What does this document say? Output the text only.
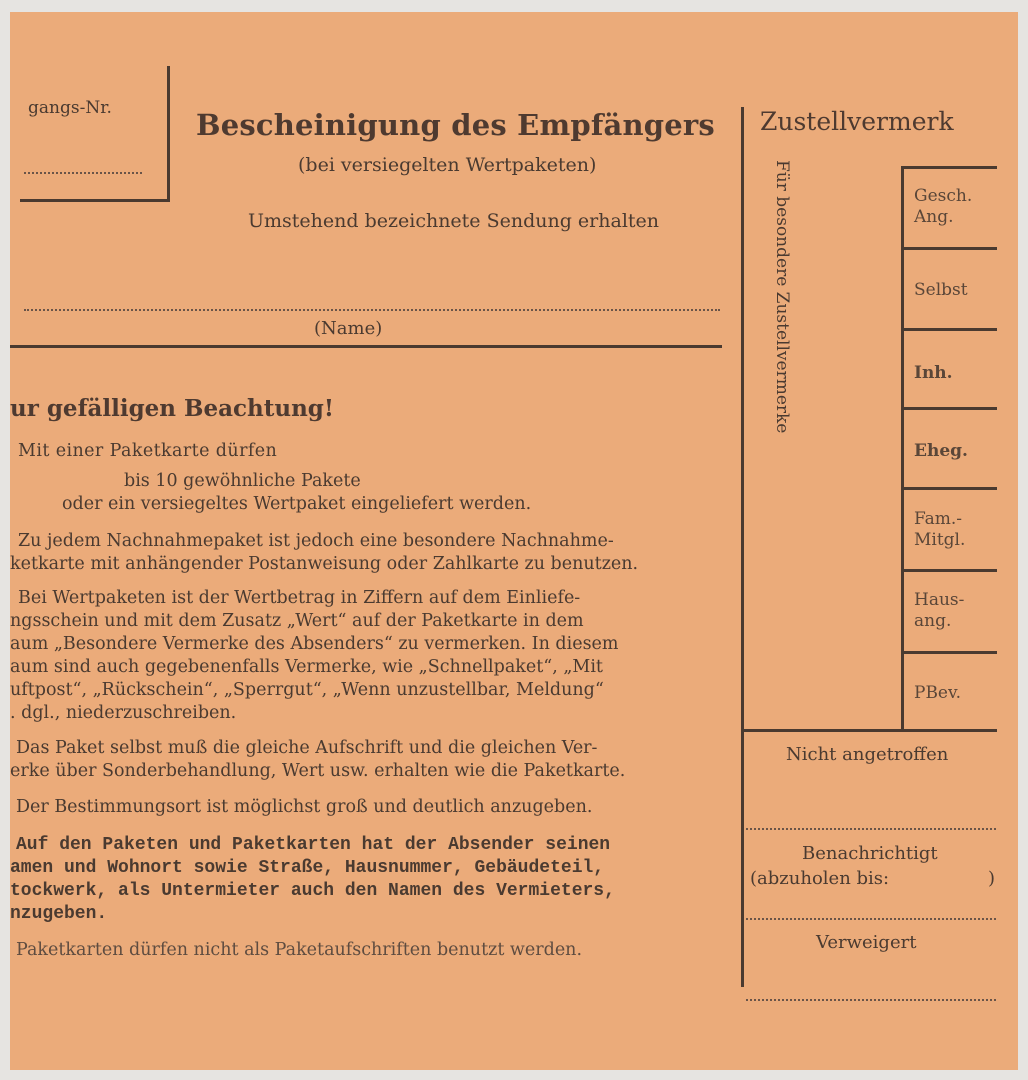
gangs-Nr.	Bescheinigung des Empfängers
(bei versiegelten Wertpaketen)
Umstehend bezeichnete Sendung erhalten
(Name)
ur gefälligen Beachtung!
Mit einer Paketkarte dürfen
bis 10 gewöhnliche Pakete
oder ein versiegeltes Wertpaket eingeliefert werden.
Zu jedem Nachnahmepaket ist jedoch eine besondere Nachnahme-
ketkarte mit anhängender Postanweisung oder Zahlkarte zu benutzen.
Bei Wertpaketen ist der Wertbetrag in Ziffern auf dem Einliefe-
ngsschein und mit dem Zusatz „Wert“ auf der Paketkarte in dem
aum „Besondere Vermerke des Absenders“ zu vermerken. In diesem
aum sind auch gegebenenfalls Vermerke, wie „Schnellpaket“, „Mit
uftpost“, „Rückschein“, „Sperrgut“, „Wenn unzustellbar, Meldung“
. dgl., niederzuschreiben.
Das Paket selbst muß die gleiche Aufschrift und die gleichen Ver-
erke über Sonderbehandlung, Wert usw. erhalten wie die Paketkarte.
Der Bestimmungsort ist möglichst groß und deutlich anzugeben.
Auf den Paketen und Paketkarten hat der Absender seinen
amen und Wohnort sowie Straße, Hausnummer, Gebäudeteil,
tockwerk, als Untermieter auch den Namen des Vermieters,
nzugeben.
Paketkarten dürfen nicht als Paketaufschriften benutzt werden.
Zustellvermerk
Für besondere Zustellvermerke	Gesch.
Ang.
Selbst
Inh.
Eheg.
Fam.-
Mitgl.
Haus-
ang.
PBev.
Nicht angetroffen
Benachrichtigt
(abzuholen bis:	)
Verweigert
